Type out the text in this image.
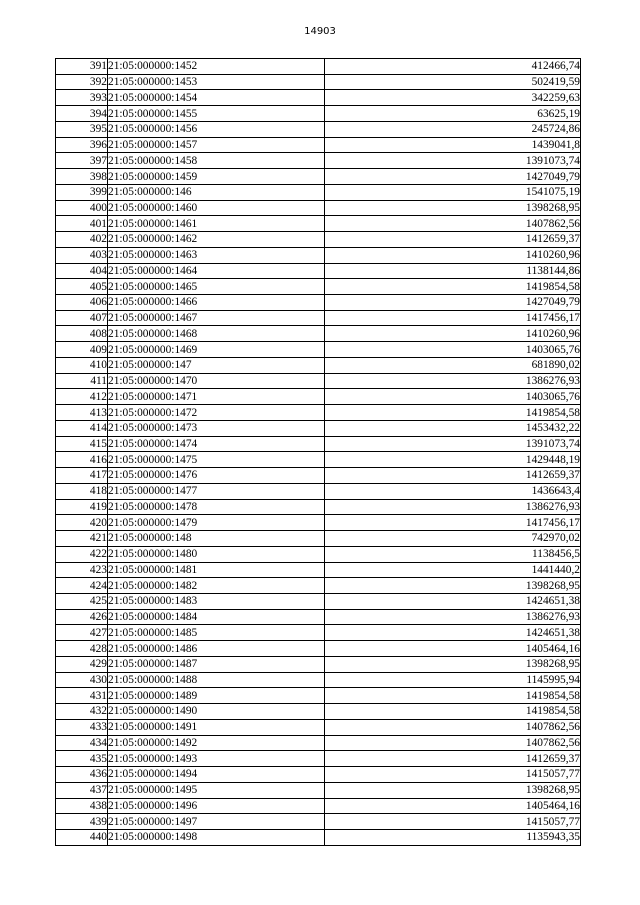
14903
391	21:05:000000:1452	412466,74
392	21:05:000000:1453	502419,59
393	21:05:000000:1454	342259,63
394	21:05:000000:1455	63625,19
395	21:05:000000:1456	245724,86
396	21:05:000000:1457	1439041,8
397	21:05:000000:1458	1391073,74
398	21:05:000000:1459	1427049,79
399	21:05:000000:146	1541075,19
400	21:05:000000:1460	1398268,95
401	21:05:000000:1461	1407862,56
402	21:05:000000:1462	1412659,37
403	21:05:000000:1463	1410260,96
404	21:05:000000:1464	1138144,86
405	21:05:000000:1465	1419854,58
406	21:05:000000:1466	1427049,79
407	21:05:000000:1467	1417456,17
408	21:05:000000:1468	1410260,96
409	21:05:000000:1469	1403065,76
410	21:05:000000:147	681890,02
411	21:05:000000:1470	1386276,93
412	21:05:000000:1471	1403065,76
413	21:05:000000:1472	1419854,58
414	21:05:000000:1473	1453432,22
415	21:05:000000:1474	1391073,74
416	21:05:000000:1475	1429448,19
417	21:05:000000:1476	1412659,37
418	21:05:000000:1477	1436643,4
419	21:05:000000:1478	1386276,93
420	21:05:000000:1479	1417456,17
421	21:05:000000:148	742970,02
422	21:05:000000:1480	1138456,5
423	21:05:000000:1481	1441440,2
424	21:05:000000:1482	1398268,95
425	21:05:000000:1483	1424651,38
426	21:05:000000:1484	1386276,93
427	21:05:000000:1485	1424651,38
428	21:05:000000:1486	1405464,16
429	21:05:000000:1487	1398268,95
430	21:05:000000:1488	1145995,94
431	21:05:000000:1489	1419854,58
432	21:05:000000:1490	1419854,58
433	21:05:000000:1491	1407862,56
434	21:05:000000:1492	1407862,56
435	21:05:000000:1493	1412659,37
436	21:05:000000:1494	1415057,77
437	21:05:000000:1495	1398268,95
438	21:05:000000:1496	1405464,16
439	21:05:000000:1497	1415057,77
440	21:05:000000:1498	1135943,35
